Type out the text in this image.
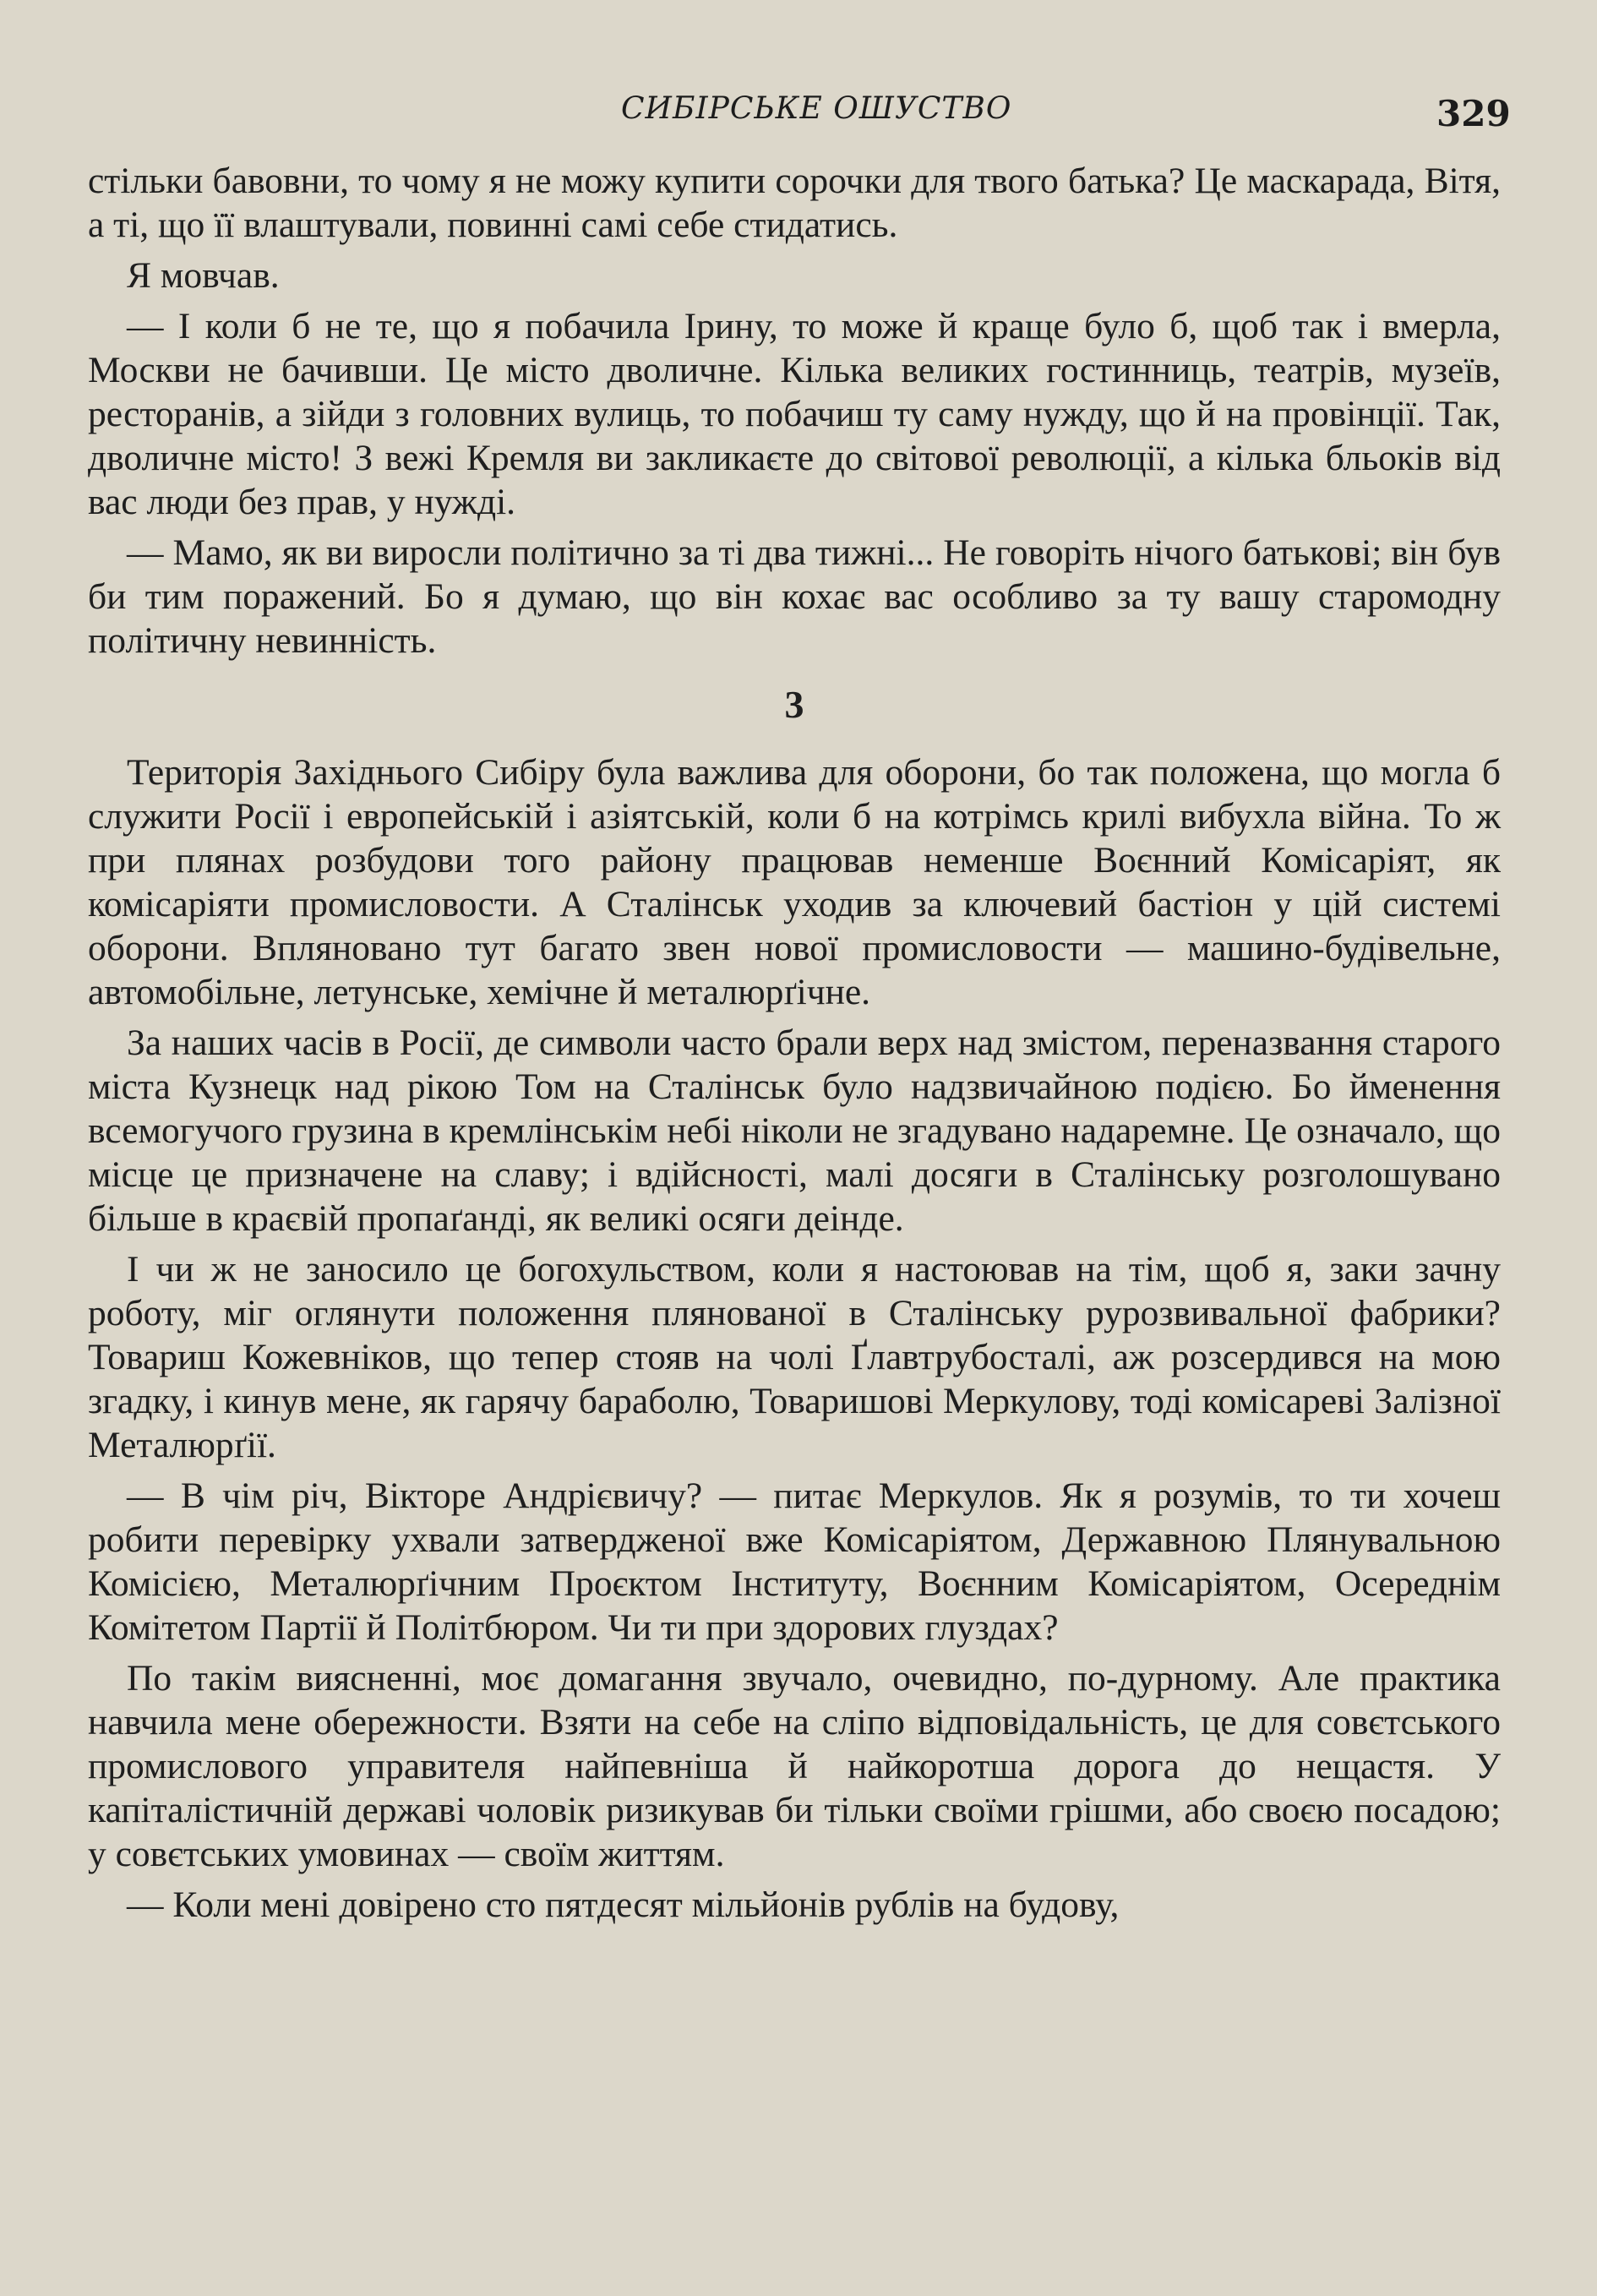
СИБІРСЬКЕ ОШУСТВО	329

стільки бавовни, то чому я не можу купити сорочки для твого батька? Це маскарада, Вітя, а ті, що її влаштували, повинні самі себе стидатись.

Я мовчав.

— І коли б не те, що я побачила Ірину, то може й краще було б, щоб так і вмерла, Москви не бачивши. Це місто дволичне. Кілька великих гостинниць, театрів, музеїв, ресторанів, а зійди з головних вулиць, то побачиш ту саму нужду, що й на провінції. Так, дволичне місто! З вежі Кремля ви закликаєте до світової революції, а кілька бльоків від вас люди без прав, у нужді.

— Мамо, як ви виросли політично за ті два тижні... Не говоріть нічого батькові; він був би тим поражений. Бо я думаю, що він кохає вас особливо за ту вашу старомодну політичну невинність.

3

Територія Західнього Сибіру була важлива для оборони, бо так положена, що могла б служити Росії і европейській і азіятській, коли б на котрімсь крилі вибухла війна. То ж при плянах розбудови того району працював неменше Воєнний Комісаріят, як комісаріяти промисловости. А Сталінськ уходив за ключевий бастіон у цій системі оборони. Впляновано тут багато звен нової промисловости — машино-будівельне, автомобільне, летунське, хемічне й металюрґічне.

За наших часів в Росії, де символи часто брали верх над змістом, переназвання старого міста Кузнецк над рікою Том на Сталінськ було надзвичайною подією. Бо йменення всемогучого грузина в кремлінськім небі ніколи не згадувано надаремне. Це означало, що місце це призначене на славу; і вдійсності, малі досяги в Сталінську розголошувано більше в краєвій пропаґанді, як великі осяги деінде.

І чи ж не заносило це богохульством, коли я настоював на тім, щоб я, заки зачну роботу, міг оглянути положення плянованої в Сталінську рурозвивальної фабрики? Товариш Кожевніков, що тепер стояв на чолі Ґлавтрубосталі, аж розсердився на мою згадку, і кинув мене, як гарячу бараболю, Товаришові Меркулову, тоді комісареві Залізної Металюрґії.

— В чім річ, Вікторе Андрієвичу? — питає Меркулов. Як я розумів, то ти хочеш робити перевірку ухвали затвердженої вже Комісаріятом, Державною Плянувальною Комісією, Металюрґічним Проєктом Інституту, Воєнним Комісаріятом, Осереднім Комітетом Партії й Політбюром. Чи ти при здорових глуздах?

По такім виясненні, моє домагання звучало, очевидно, по-дурному. Але практика навчила мене обережности. Взяти на себе на сліпо відповідальність, це для совєтського промислового управителя найпевніша й найкоротша дорога до нещастя. У капіталістичній державі чоловік ризикував би тільки своїми грішми, або своєю посадою; у совєтських умовинах — своїм життям.

— Коли мені довірено сто пятдесят мільйонів рублів на будову,
